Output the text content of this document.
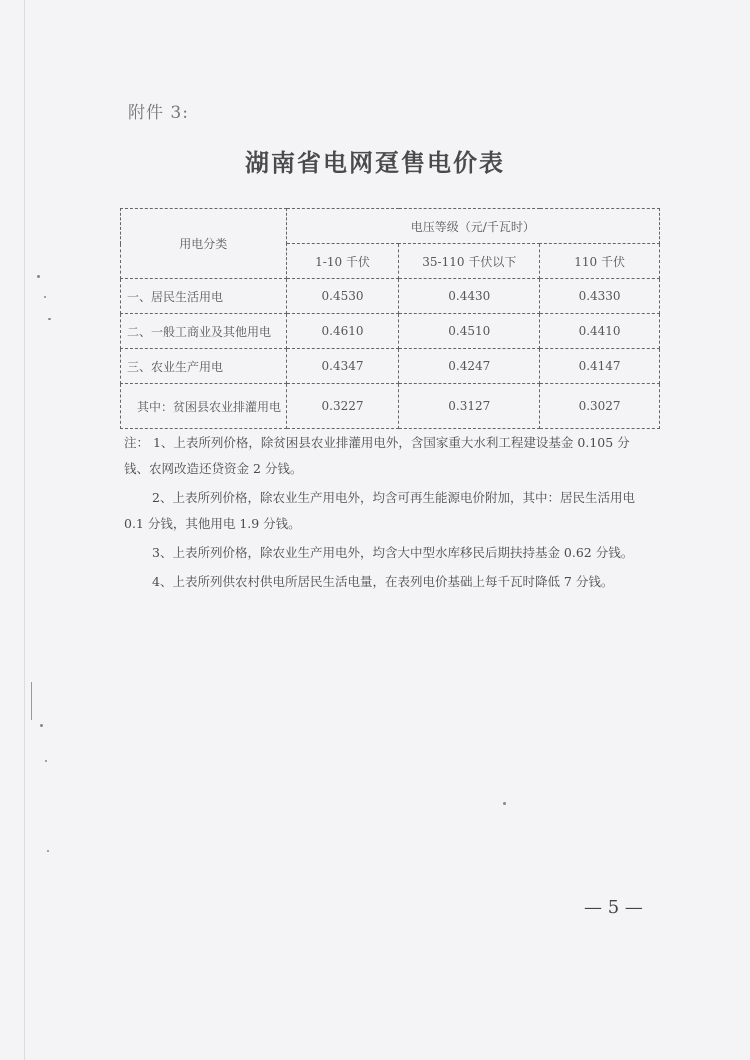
附件 3:
湖南省电网趸售电价表
用电分类	电压等级（元/千瓦时）		
	1-10 千伏	35-110 千伏以下	110 千伏
一、居民生活用电	0.4530	0.4430	0.4330
二、一般工商业及其他用电	0.4610	0.4510	0.4410
三、农业生产用电	0.4347	0.4247	0.4147
其中：贫困县农业排灌用电	0.3227	0.3127	0.3027

注： 1、上表所列价格，除贫困县农业排灌用电外，含国家重大水利工程建设基金 0.105 分钱、农网改造还贷资金 2 分钱。

2、上表所列价格，除农业生产用电外，均含可再生能源电价附加，其中：居民生活用电 0.1 分钱，其他用电 1.9 分钱。

3、上表所列价格，除农业生产用电外，均含大中型水库移民后期扶持基金 0.62 分钱。

4、上表所列供农村供电所居民生活电量，在表列电价基础上每千瓦时降低 7 分钱。

— 5 —
